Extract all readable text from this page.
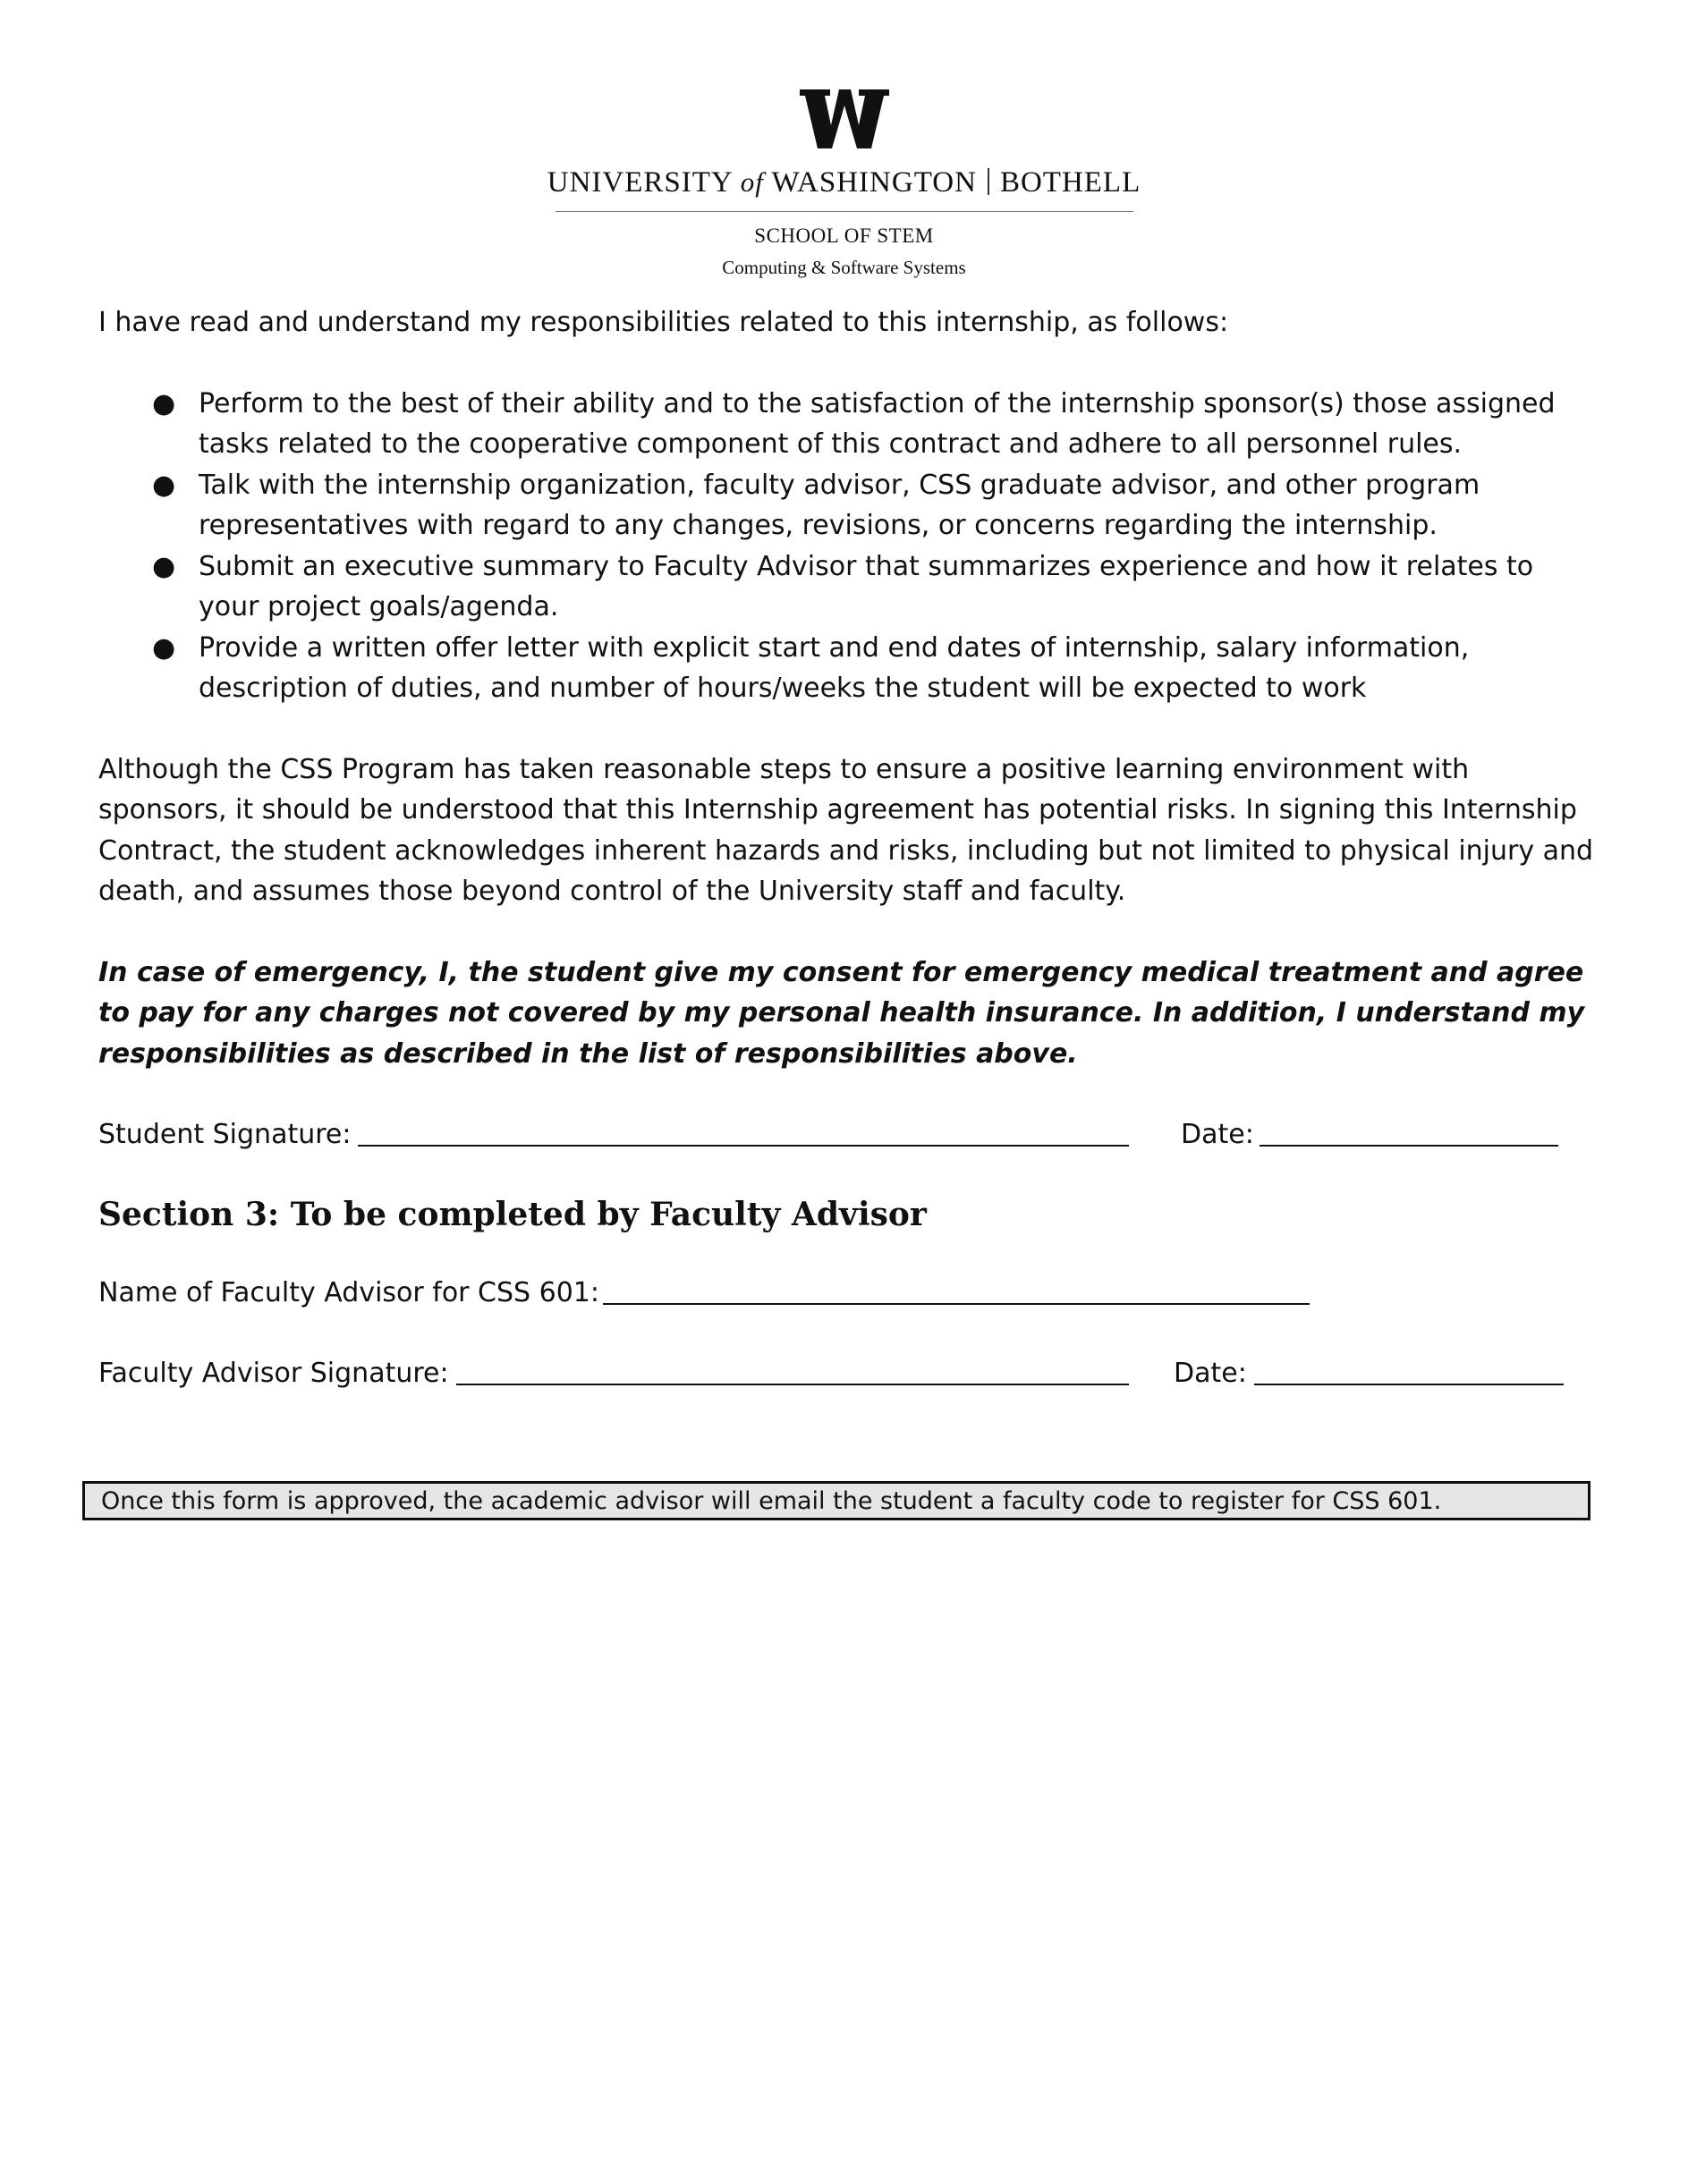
UNIVERSITY of WASHINGTON BOTHELL
SCHOOL OF STEM
Computing & Software Systems

I have read and understand my responsibilities related to this internship, as follows:

● Perform to the best of their ability and to the satisfaction of the internship sponsor(s) those assigned tasks related to the cooperative component of this contract and adhere to all personnel rules.
● Talk with the internship organization, faculty advisor, CSS graduate advisor, and other program representatives with regard to any changes, revisions, or concerns regarding the internship.
● Submit an executive summary to Faculty Advisor that summarizes experience and how it relates to your project goals/agenda.
● Provide a written offer letter with explicit start and end dates of internship, salary information, description of duties, and number of hours/weeks the student will be expected to work

Although the CSS Program has taken reasonable steps to ensure a positive learning environment with sponsors, it should be understood that this Internship agreement has potential risks. In signing this Internship Contract, the student acknowledges inherent hazards and risks, including but not limited to physical injury and death, and assumes those beyond control of the University staff and faculty.

In case of emergency, I, the student give my consent for emergency medical treatment and agree to pay for any charges not covered by my personal health insurance. In addition, I understand my responsibilities as described in the list of responsibilities above.

Student Signature:	Date:

Section 3: To be completed by Faculty Advisor

Name of Faculty Advisor for CSS 601:
Faculty Advisor Signature:	Date:
Once this form is approved, the academic advisor will email the student a faculty code to register for CSS 601.
